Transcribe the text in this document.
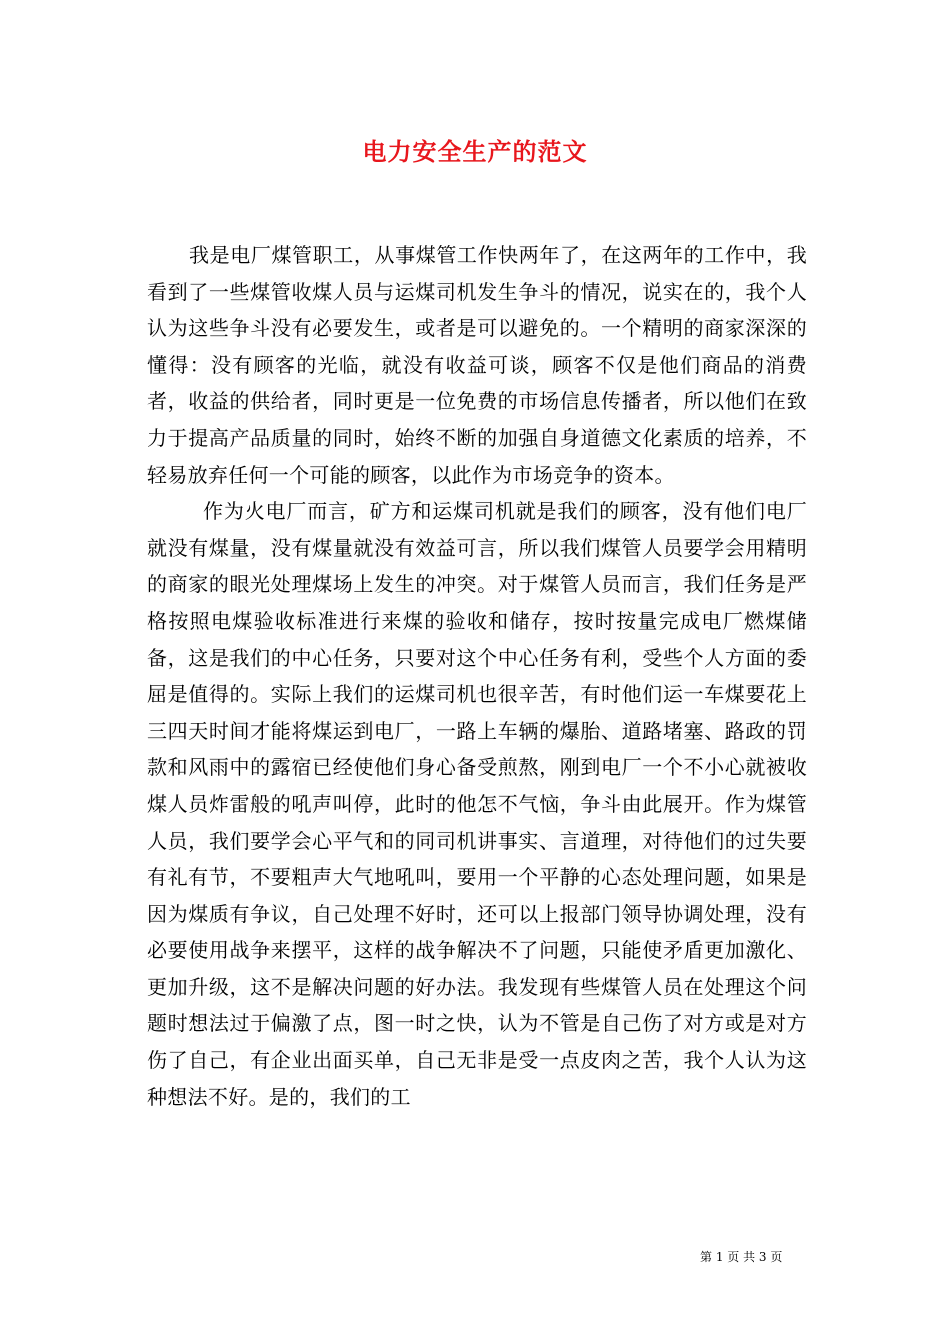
电力安全生产的范文

我是电厂煤管职工，从事煤管工作快两年了，在这两年的工作中，我看到了一些煤管收煤人员与运煤司机发生争斗的情况，说实在的，我个人认为这些争斗没有必要发生，或者是可以避免的。一个精明的商家深深的懂得：没有顾客的光临，就没有收益可谈，顾客不仅是他们商品的消费者，收益的供给者，同时更是一位免费的市场信息传播者，所以他们在致力于提高产品质量的同时，始终不断的加强自身道德文化素质的培养，不轻易放弃任何一个可能的顾客，以此作为市场竞争的资本。

作为火电厂而言，矿方和运煤司机就是我们的顾客，没有他们电厂就没有煤量，没有煤量就没有效益可言，所以我们煤管人员要学会用精明的商家的眼光处理煤场上发生的冲突。对于煤管人员而言，我们任务是严格按照电煤验收标准进行来煤的验收和储存，按时按量完成电厂燃煤储备，这是我们的中心任务，只要对这个中心任务有利，受些个人方面的委屈是值得的。实际上我们的运煤司机也很辛苦，有时他们运一车煤要花上三四天时间才能将煤运到电厂，一路上车辆的爆胎、道路堵塞、路政的罚款和风雨中的露宿已经使他们身心备受煎熬，刚到电厂一个不小心就被收煤人员炸雷般的吼声叫停，此时的他怎不气恼，争斗由此展开。作为煤管人员，我们要学会心平气和的同司机讲事实、言道理，对待他们的过失要有礼有节，不要粗声大气地吼叫，要用一个平静的心态处理问题，如果是因为煤质有争议，自己处理不好时，还可以上报部门领导协调处理，没有必要使用战争来摆平，这样的战争解决不了问题，只能使矛盾更加激化、更加升级，这不是解决问题的好办法。我发现有些煤管人员在处理这个问题时想法过于偏激了点，图一时之快，认为不管是自己伤了对方或是对方伤了自己，有企业出面买单，自己无非是受一点皮肉之苦，我个人认为这种想法不好。是的，我们的工

第 1 页 共 3 页
